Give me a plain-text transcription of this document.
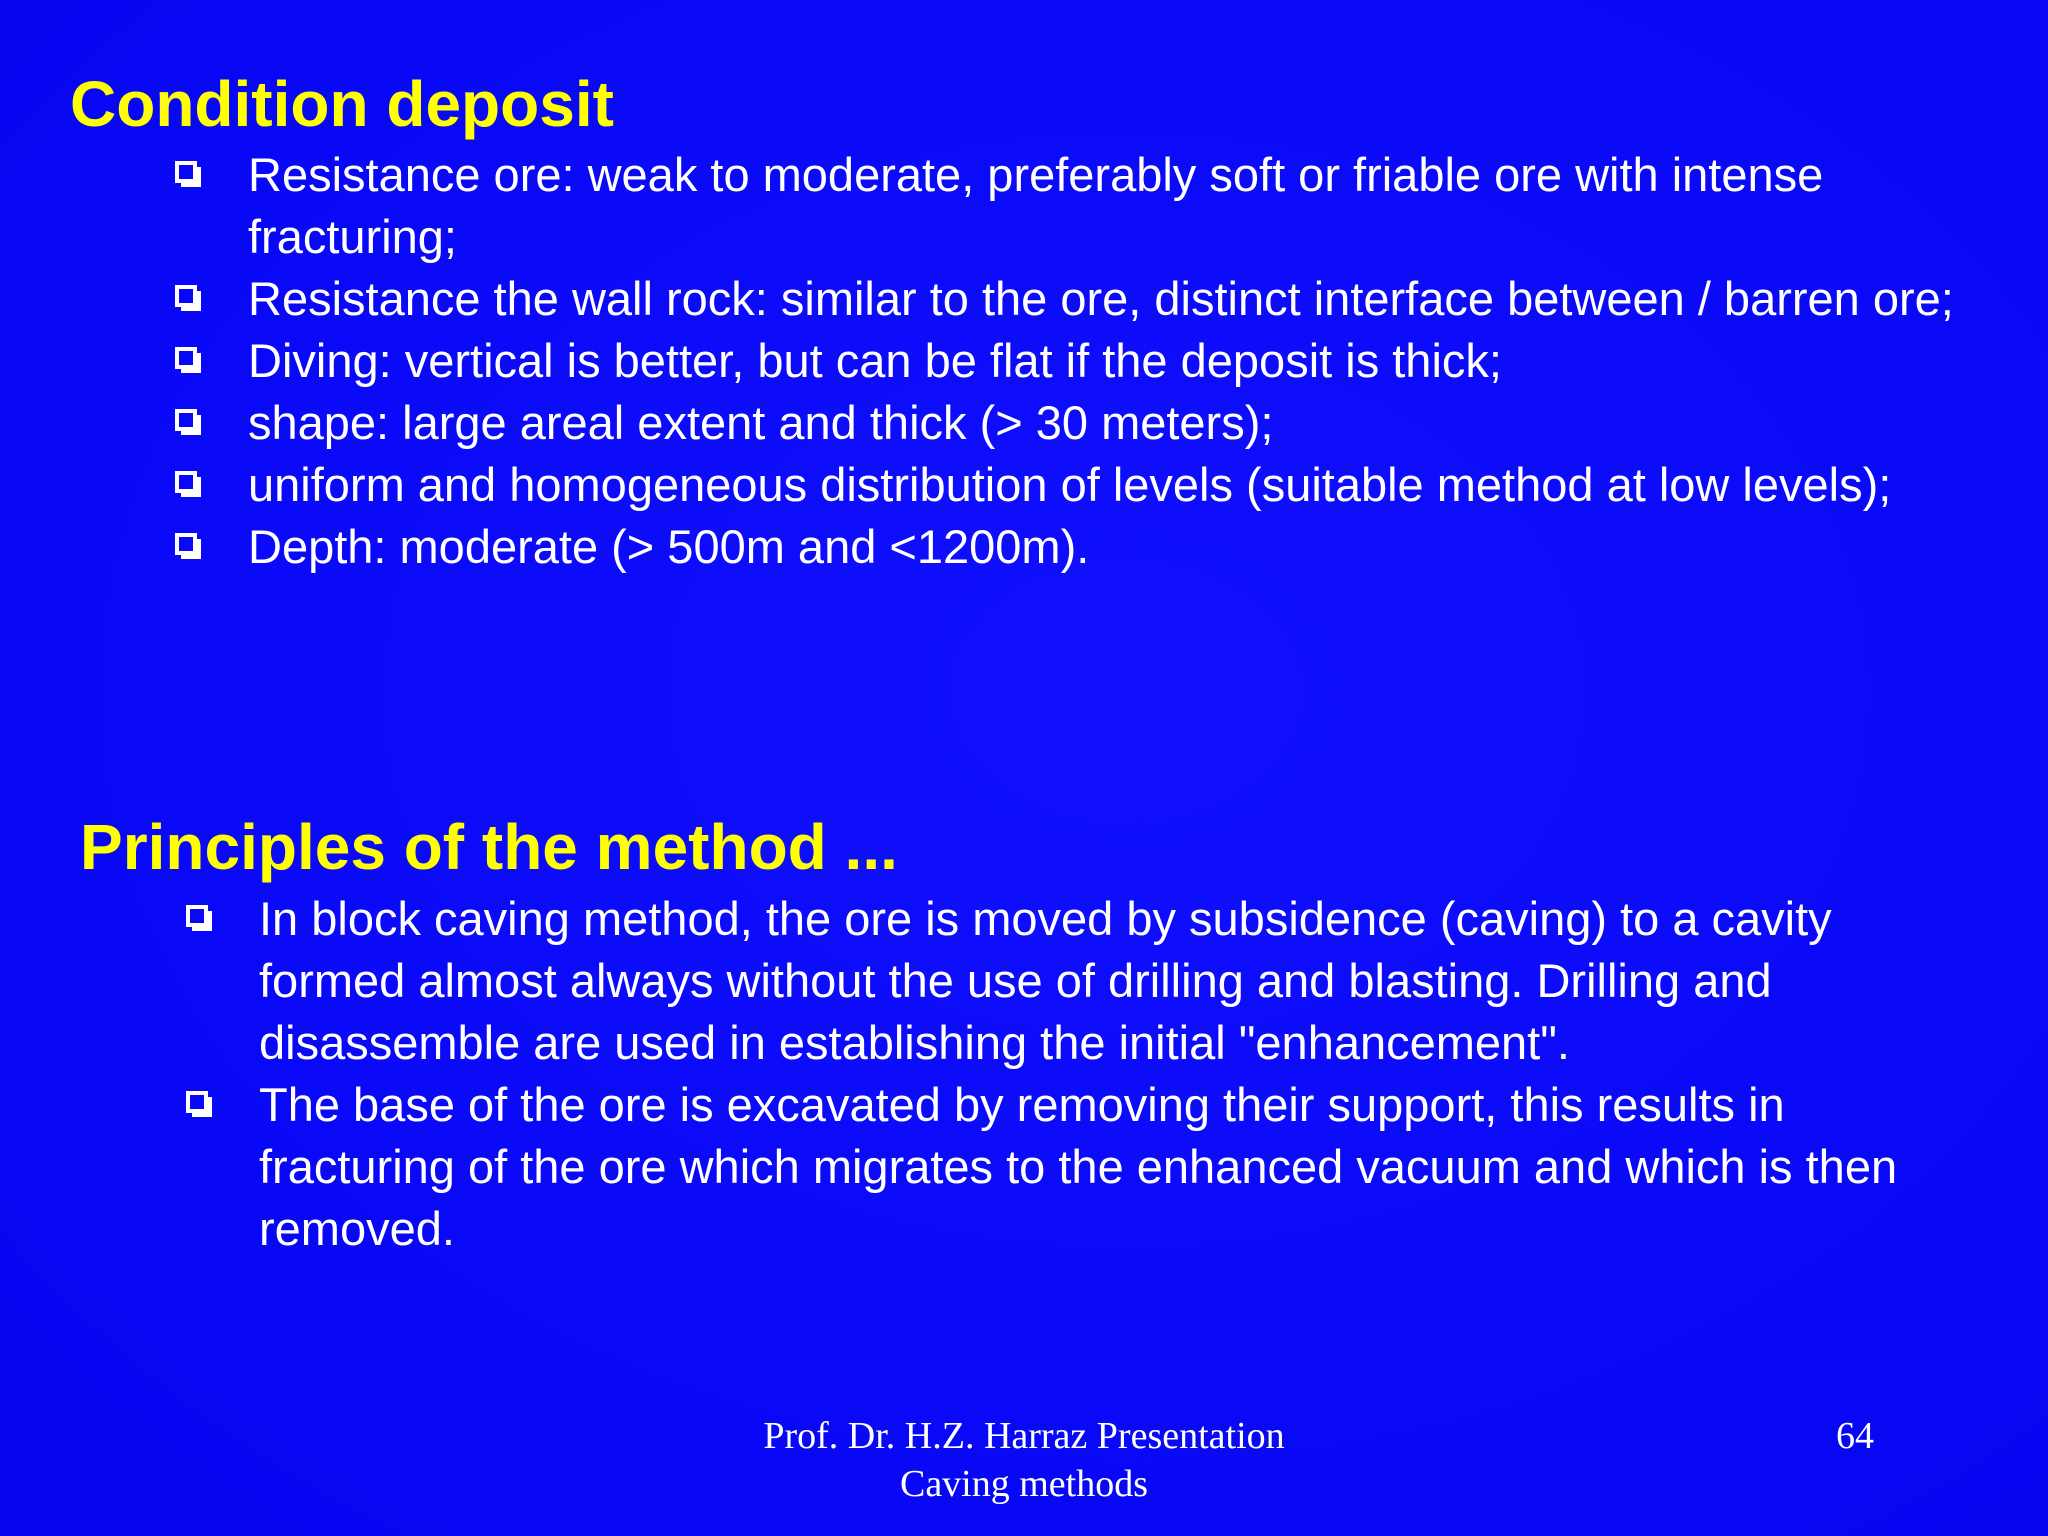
Condition deposit
Resistance ore: weak to moderate, preferably soft or friable ore with intense fracturing;
Resistance the wall rock: similar to the ore, distinct interface between / barren ore;
Diving: vertical is better, but can be flat if the deposit is thick;
shape: large areal extent and thick (> 30 meters);
uniform and homogeneous distribution of levels (suitable method at low levels);
Depth: moderate (> 500m and <1200m).
Principles of the method ...
In block caving method, the ore is moved by subsidence (caving) to a cavity formed almost always without the use of drilling and blasting. Drilling and disassemble are used in establishing the initial "enhancement".
The base of the ore is excavated by removing their support, this results in fracturing of the ore which migrates to the enhanced vacuum and which is then removed.
Prof. Dr. H.Z. Harraz Presentation
Caving methods
64
